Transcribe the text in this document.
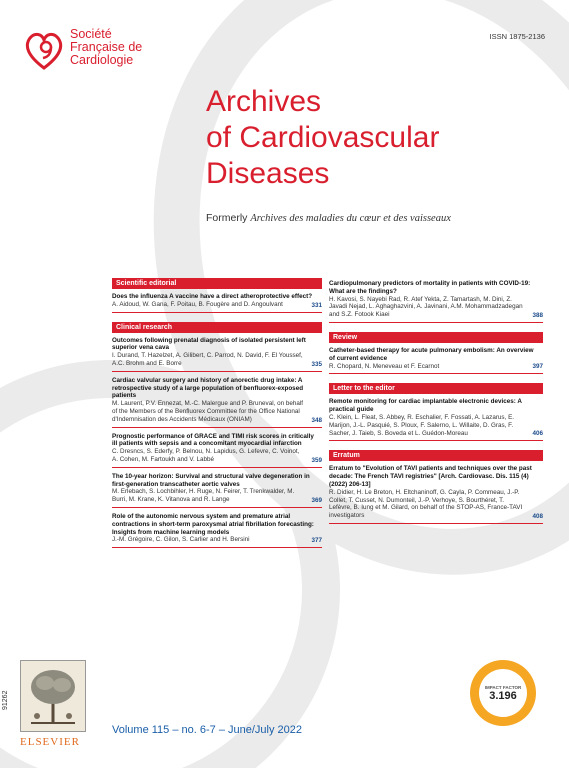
Société
Française de
Cardiologie
ISSN 1875-2136
Archives
of Cardiovascular
Diseases
Formerly Archives des maladies du cœur et des vaisseaux
Scientific editorial
Does the influenza A vaccine have a direct atheroprotective effect?
A. Aidoud, W. Gana, F. Poitau, B. Fougère and D. Angoulvant	331
Clinical research
Outcomes following prenatal diagnosis of isolated persistent left superior vena cava
I. Durand, T. Hazelzet, A. Gilibert, C. Parrod, N. David, F. El Youssef, A.C. Brohm and E. Borre	335
Cardiac valvular surgery and history of anorectic drug intake: A retrospective study of a large population of benfluorex-exposed patients
M. Laurent, P.V. Ennezat, M.-C. Malergue and P. Bruneval, on behalf of the Members of the Benfluorex Committee for the Office National d'Indemnisation des Accidents Médicaux (ONIAM)	348
Prognostic performance of GRACE and TIMI risk scores in critically ill patients with sepsis and a concomitant myocardial infarction
C. Dresncs, S. Ederfy, P. Belnou, N. Lapidus, G. Lefevre, C. Voinot, A. Cohen, M. Fartoukh and V. Labbé	359
The 10-year horizon: Survival and structural valve degeneration in first-generation transcatheter aortic valves
M. Erlebach, S. Lochbihler, H. Ruge, N. Feirer, T. Trenkwalder, M. Burri, M. Krane, K. Vitanova and R. Lange	369
Role of the autonomic nervous system and premature atrial contractions in short-term paroxysmal atrial fibrillation forecasting: Insights from machine learning models
J.-M. Grégoire, C. Gilon, S. Carlier and H. Bersini	377
Cardiopulmonary predictors of mortality in patients with COVID-19: What are the findings?
H. Kavosi, S. Nayebi Rad, R. Atef Yekta, Z. Tamartash, M. Dini, Z. Javadi Nejad, L. Aghaghazvini, A. Javinani, A.M. Mohammadzadegan and S.Z. Fotook Kiaei	388
Review
Catheter-based therapy for acute pulmonary embolism: An overview of current evidence
R. Chopard, N. Meneveau et F. Ecarnot	397
Letter to the editor
Remote monitoring for cardiac implantable electronic devices: A practical guide
C. Klein, L. Fleat, S. Abbey, R. Eschalier, F. Fossati, A. Lazarus, E. Marijon, J.-L. Pasquié, S. Ploux, F. Salerno, L. Willaite, D. Gras, F. Sacher, J. Taieb, S. Boveda et L. Guédon-Moreau	406
Erratum
Erratum to "Evolution of TAVI patients and techniques over the past decade: The French TAVI registries" [Arch. Cardiovasc. Dis. 115 (4) (2022) 206-13]
R. Didier, H. Le Breton, H. Eltchaninoff, G. Cayla, P. Commeau, J.-P. Collet, T. Cusset, N. Dumonteil, J.-P. Verhoye, S. Bourthéret, T. Lefèvre, B. Iung et M. Gilard, on behalf of the STOP-AS, France-TAVI investigators	408
91262
ELSEVIER
Volume 115 – no. 6-7 – June/July 2022
IMPACT FACTOR
3.196
